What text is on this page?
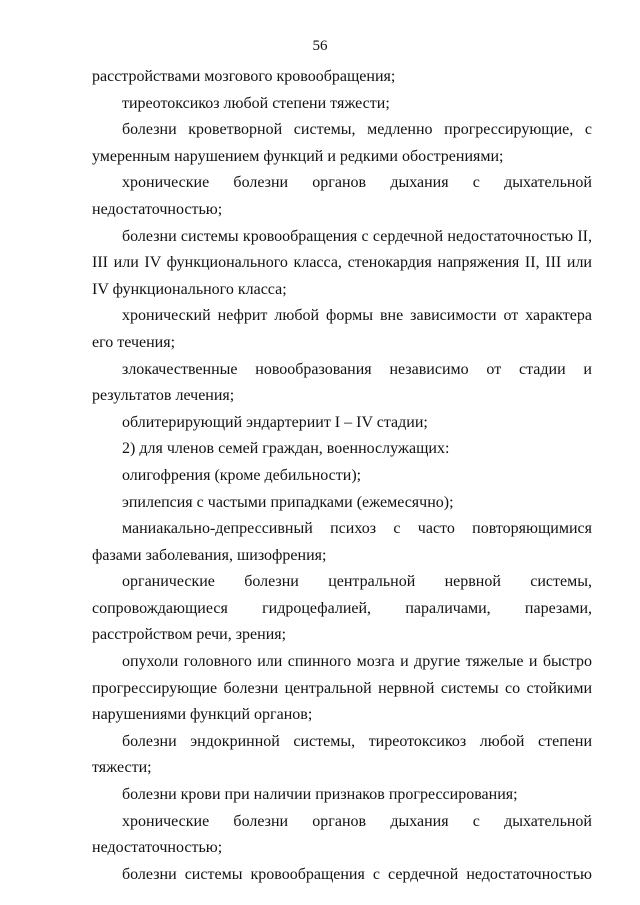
56

расстройствами мозгового кровообращения;

тиреотоксикоз любой степени тяжести;

болезни кроветворной системы, медленно прогрессирующие, с умеренным нарушением функций и редкими обострениями;

хронические болезни органов дыхания с дыхательной недостаточностью;

болезни системы кровообращения с сердечной недостаточностью II, III или IV функционального класса, стенокардия напряжения II, III или IV функционального класса;

хронический нефрит любой формы вне зависимости от характера его течения;

злокачественные новообразования независимо от стадии и результатов лечения;

облитерирующий эндартериит I – IV стадии;

2) для членов семей граждан, военнослужащих:

олигофрения (кроме дебильности);

эпилепсия с частыми припадками (ежемесячно);

маниакально-депрессивный психоз с часто повторяющимися фазами заболевания, шизофрения;

органические болезни центральной нервной системы, сопровождающиеся гидроцефалией, параличами, парезами, расстройством речи, зрения;

опухоли головного или спинного мозга и другие тяжелые и быстро прогрессирующие болезни центральной нервной системы со стойкими нарушениями функций органов;

болезни эндокринной системы, тиреотоксикоз любой степени тяжести;

болезни крови при наличии признаков прогрессирования;

хронические болезни органов дыхания с дыхательной недостаточностью;

болезни системы кровообращения с сердечной недостаточностью
